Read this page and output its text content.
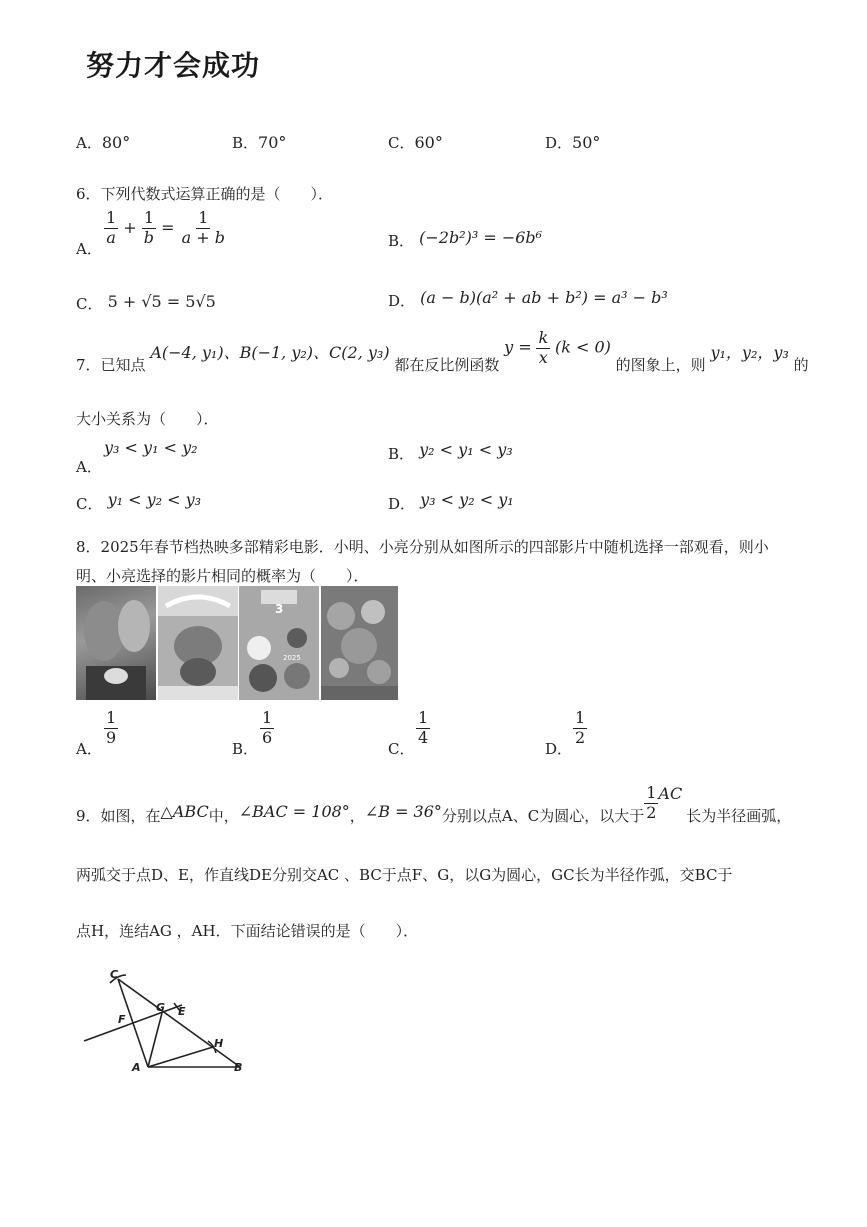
努力才会成功
A．80°	B．70°	C．60°	D．50°
6．下列代数式运算正确的是（　　）．
A．
$\frac{1}{a} + \frac{1}{b} = \frac{1}{a + b}$	B． (−2b²)³ = −6b⁶
C． 5 + √5 = 5√5	D． (a − b)(a² + ab + b²) = a³ − b³
7．已知点 A(−4, y₁)、B(−1, y₂)、C(2, y₃) 都在反比例函数 $y = \frac{k}{x} (k < 0)$ 的图象上，则 y₁，y₂，y₃ 的
大小关系为（　　）．
A．
y₃ < y₁ < y₂	B． y₂ < y₁ < y₃
C． y₁ < y₂ < y₃	D． y₃ < y₂ < y₁
8．2025年春节档热映多部精彩电影．小明、小亮分别从如图所示的四部影片中随机选择一部观看，则小
明、小亮选择的影片相同的概率为（　　）．
3
2025
A．
$\frac{1}{9}$
B．
$\frac{1}{6}$
C．
$\frac{1}{4}$
D．
$\frac{1}{2}$
9．如图，在△ABC中，∠BAC = 108°，∠B = 36°分别以点A、C为圆心，以大于 $\frac{1}{2}$ AC长为半径画弧，
两弧交于点D、E，作直线DE分别交AC 、BC于点F、G，以G为圆心，GC长为半径作弧，交BC于
点H，连结AG ，AH．下面结论错误的是（　　）．
C
F
G E
H
A	B
